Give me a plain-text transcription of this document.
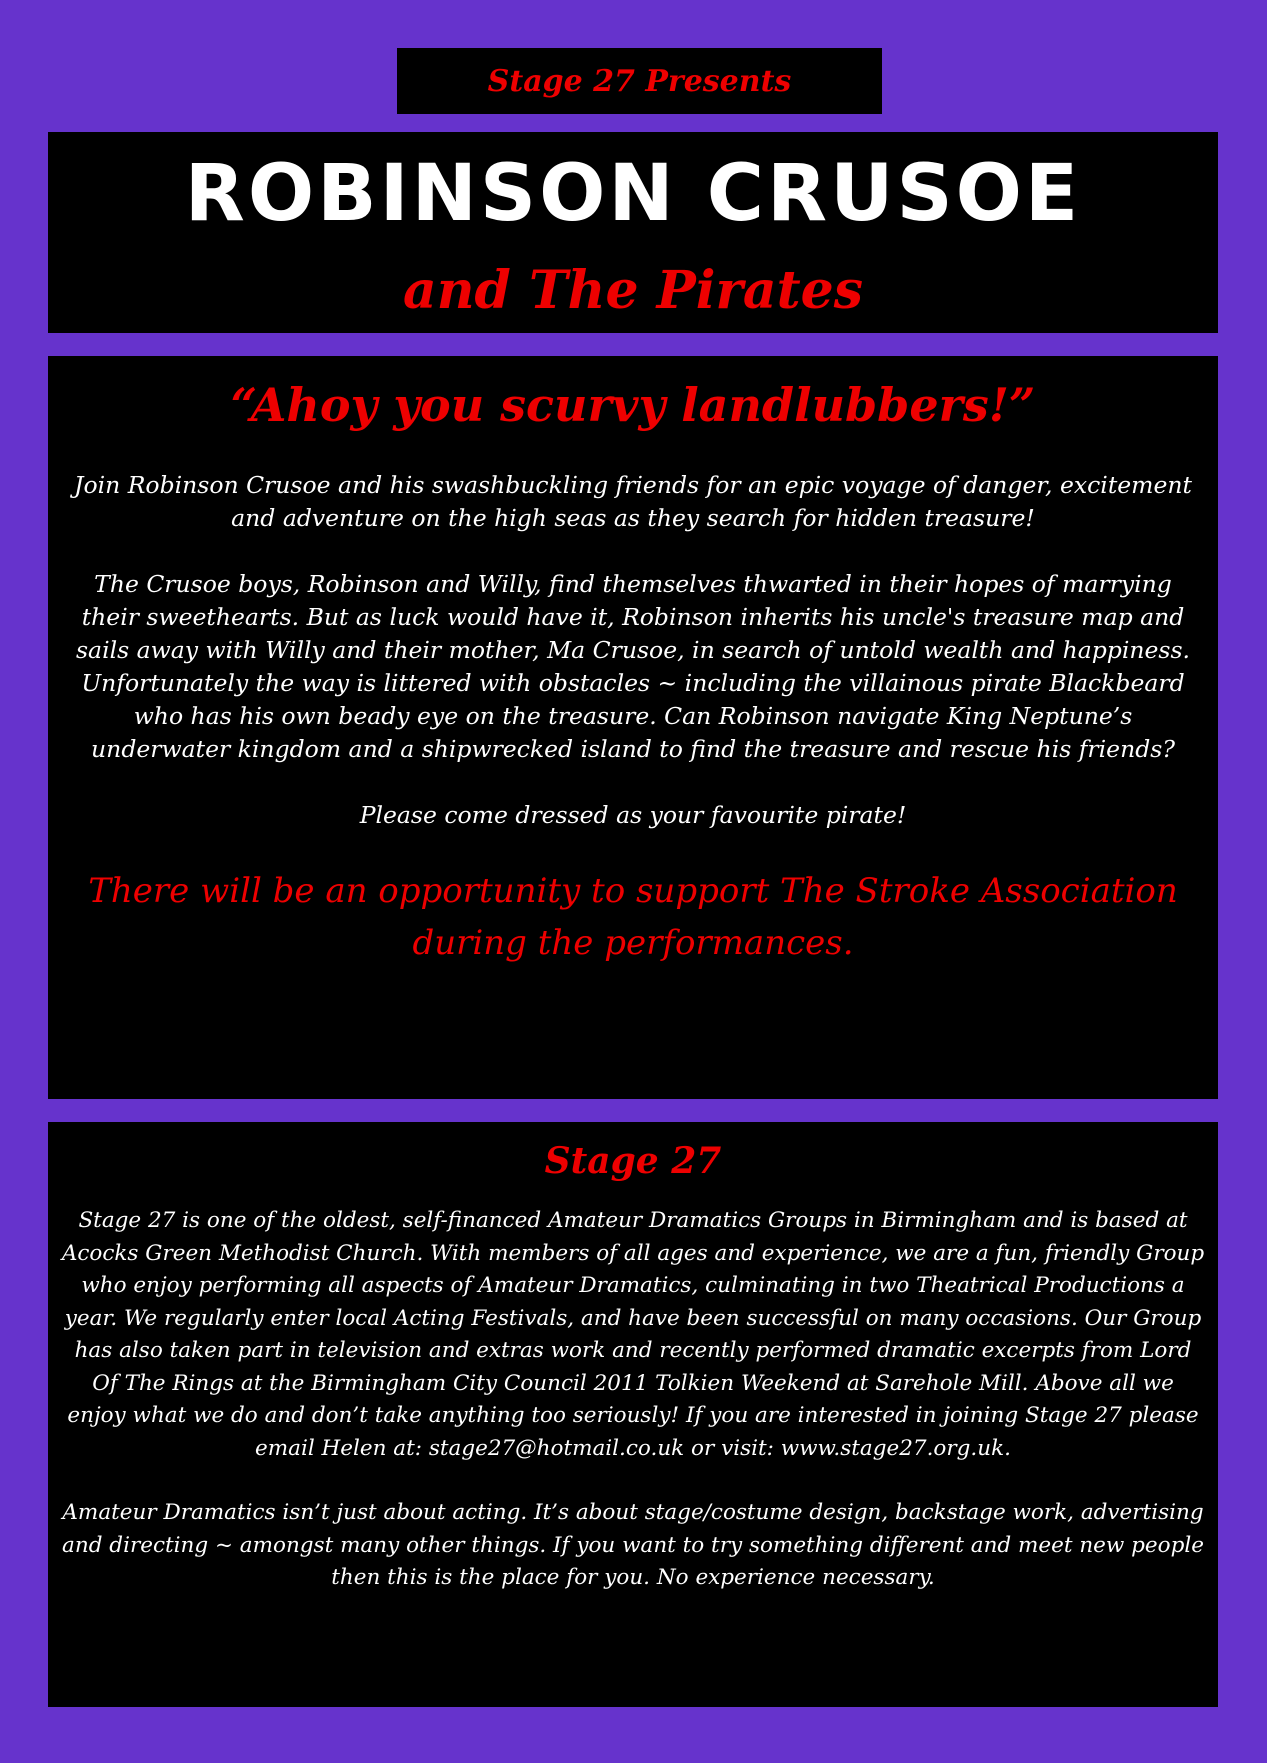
Stage 27 Presents
ROBINSON CRUSOE
and The Pirates
“Ahoy you scurvy landlubbers!”

Join Robinson Crusoe and his swashbuckling friends for an epic voyage of danger, excitement and adventure on the high seas as they search for hidden treasure!

The Crusoe boys, Robinson and Willy, find themselves thwarted in their hopes of marrying their sweethearts. But as luck would have it, Robinson inherits his uncle's treasure map and sails away with Willy and their mother, Ma Crusoe, in search of untold wealth and happiness. Unfortunately the way is littered with obstacles ~ including the villainous pirate Blackbeard who has his own beady eye on the treasure. Can Robinson navigate King Neptune’s underwater kingdom and a shipwrecked island to find the treasure and rescue his friends?

Please come dressed as your favourite pirate!

There will be an opportunity to support The Stroke Association during the performances.

Stage 27

Stage 27 is one of the oldest, self-financed Amateur Dramatics Groups in Birmingham and is based at Acocks Green Methodist Church. With members of all ages and experience, we are a fun, friendly Group who enjoy performing all aspects of Amateur Dramatics, culminating in two Theatrical Productions a year. We regularly enter local Acting Festivals, and have been successful on many occasions. Our Group has also taken part in television and extras work and recently performed dramatic excerpts from Lord Of The Rings at the Birmingham City Council 2011 Tolkien Weekend at Sarehole Mill. Above all we enjoy what we do and don’t take anything too seriously! If you are interested in joining Stage 27 please email Helen at: stage27@hotmail.co.uk or visit: www.stage27.org.uk.

Amateur Dramatics isn’t just about acting. It’s about stage/costume design, backstage work, advertising and directing ~ amongst many other things. If you want to try something different and meet new people then this is the place for you. No experience necessary.
